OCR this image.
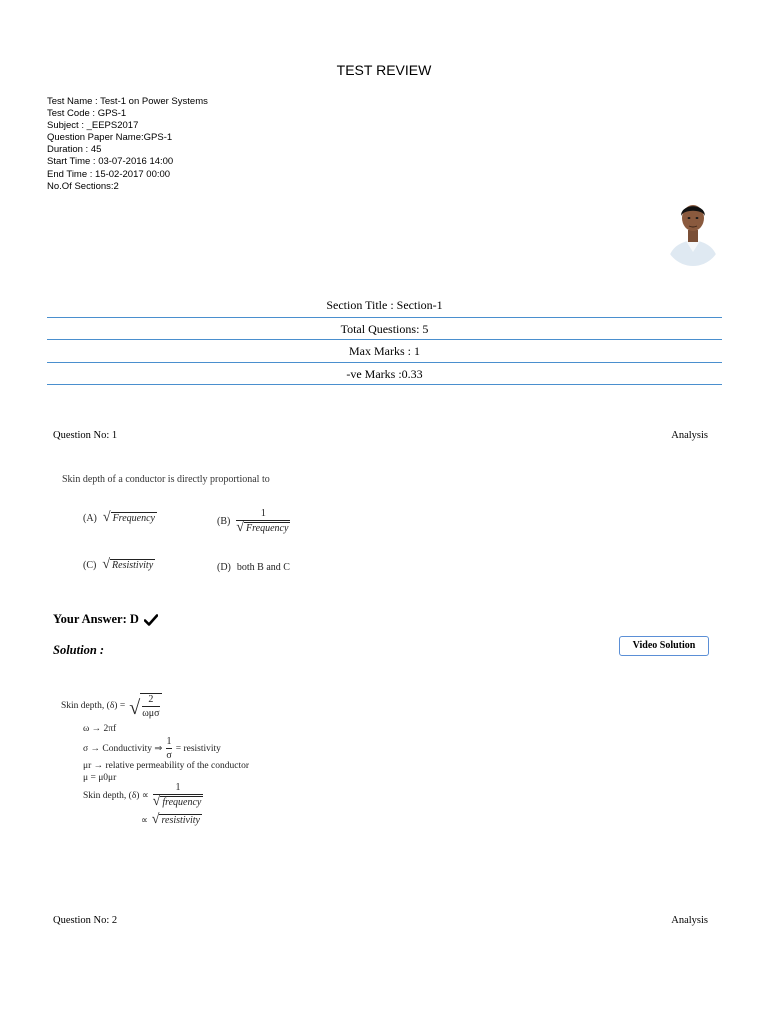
TEST REVIEW
Test Name : Test-1 on Power Systems
Test Code : GPS-1
Subject : _EEPS2017
Question Paper Name:GPS-1
Duration : 45
Start Time : 03-07-2016 14:00
End Time : 15-02-2017 00:00
No.Of Sections:2
Section Title : Section-1
Total Questions: 5
Max Marks : 1
-ve Marks :0.33
Question No: 1	Analysis
Skin depth of a conductor is directly proportional to
(A) √ Frequency	$(B) \frac{1}{\text{√ Frequency}}$
(C) √ Resistivity	(D) both B and C
Your Answer: D
Solution :	Video Solution
Skin depth, (δ) = √ $\frac{2}{\text{ωμσ}}$
ω → 2πf
σ → Conductivity ⇒ $\frac{1}{\sigma}$ = resistivity
μr → relative permeability of the conductor
μ = μ0μr
Skin depth, $(\delta) \propto \frac{1}{\text{√ frequency}}$
∝ √ resistivity
Question No: 2	Analysis
